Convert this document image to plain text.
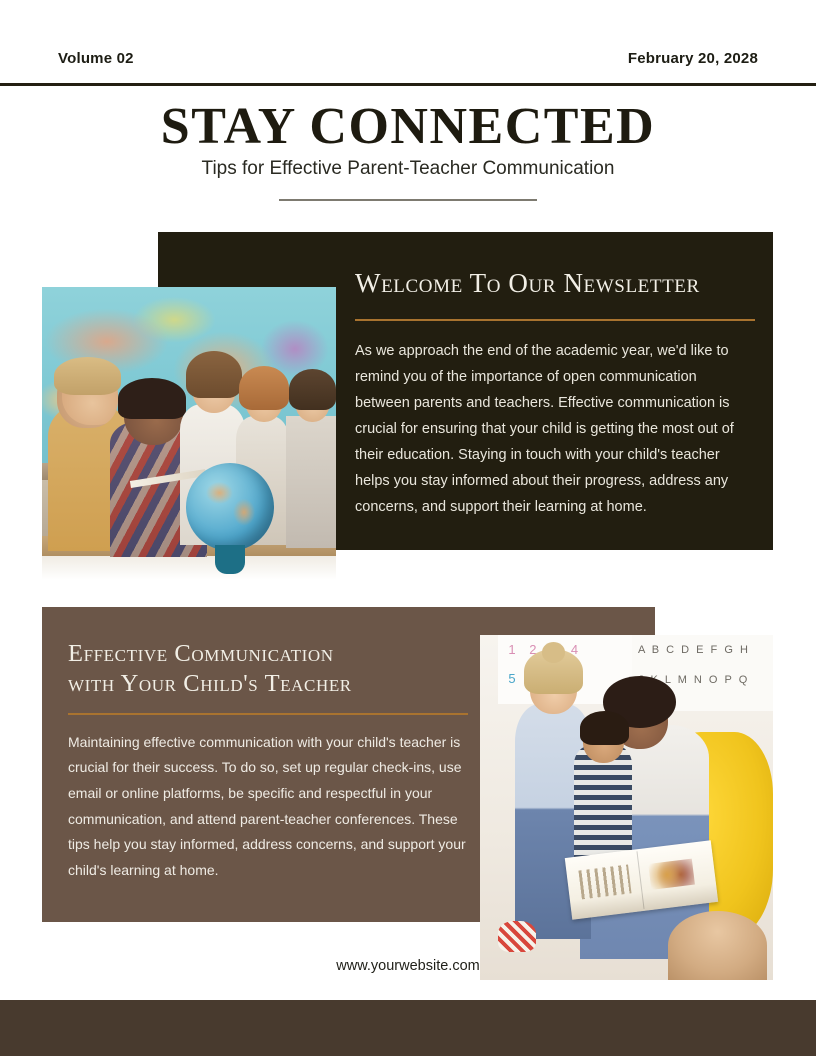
Volume 02	February 20, 2028
STAY CONNECTED
Tips for Effective Parent-Teacher Communication
Welcome To Our Newsletter
As we approach the end of the academic year, we'd like to remind you of the importance of open communication between parents and teachers. Effective communication is crucial for ensuring that your child is getting the most out of their education. Staying in touch with your child's teacher helps you stay informed about their progress, address any concerns, and support their learning at home.
Effective Communication
with Your Child's Teacher
Maintaining effective communication with your child's teacher is crucial for their success. To do so, set up regular check-ins, use email or online platforms, be specific and respectful in your communication, and attend parent-teacher conferences. These tips help you stay informed, address concerns, and support your child's learning at home.
1 2 3 4 5 6 9
A B C D E F G H J K L M N O P Q
www.yourwebsite.com
